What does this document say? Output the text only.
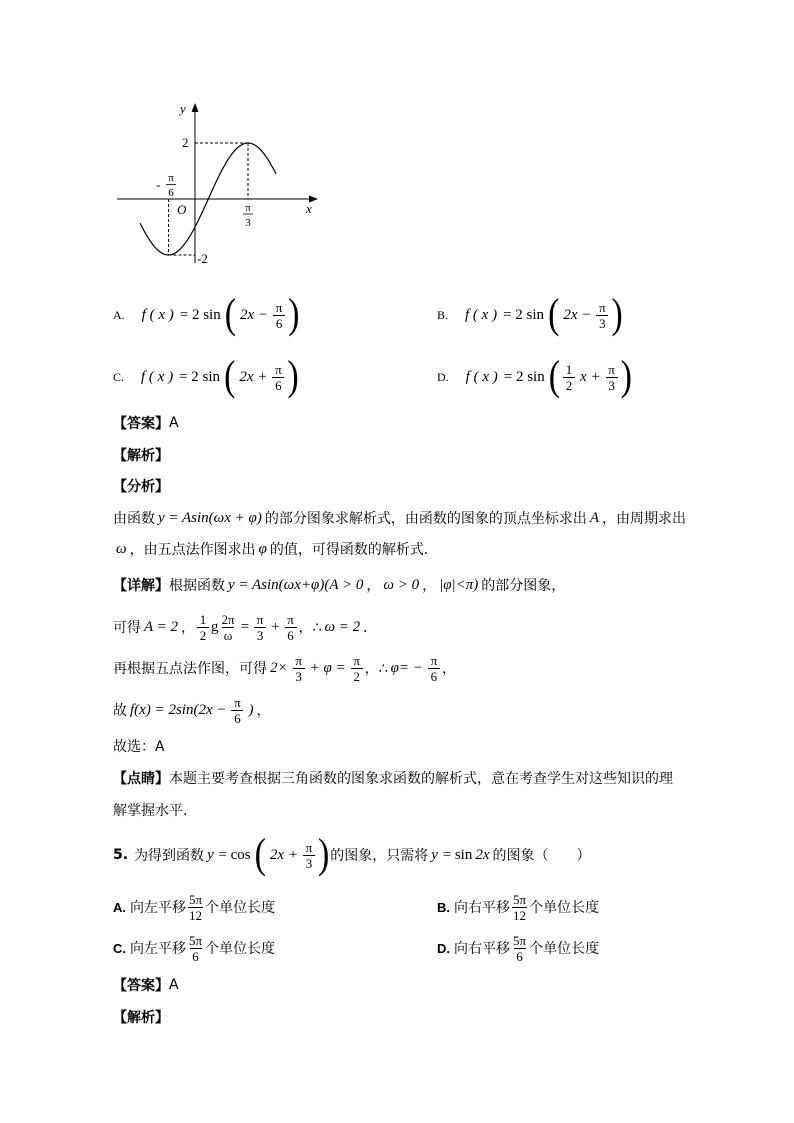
y
x
2
O
-2
- π
6
π
3
A. f ( x ) = 2 sin ( $2x - \frac{\pi}{6}$ )	B. f ( x ) = 2 sin ( $2x - \frac{\pi}{3}$ )
C. f ( x ) = 2 sin ( $2x + \frac{\pi}{6}$ )	D. f ( x ) = 2 sin ( $\frac{1}{2}$ $x + \frac{\pi}{3}$ )
【答案】 A
【解析】
【分析】
由函数 y = Asin(ωx + φ) 的部分图象求解析式，由函数的图象的顶点坐标求出 A ，由周期求出
ω ，由五点法作图求出 φ 的值，可得函数的解析式．
【详解】 根据函数 y = Asin(ωx+φ)(A > 0 ， ω > 0 ， |φ|<π) 的部分图象，
可得 A = 2 ， $\frac{1}{2}$ g $\frac{2\pi}{\omega} = \frac{\pi}{3} + \frac{\pi}{6}$ ，∴ ω = 2 ．
再根据五点法作图，可得 $2\times \frac{\pi}{3} + \varphi = \frac{\pi}{2}$ ，∴ $\varphi= - \frac{\pi}{6}$ ，
故 $f(x) = 2\sin(2x - \frac{\pi}{6}$ ) ，
故选：A
【点睛】 本题主要考查根据三角函数的图象求函数的解析式，意在考查学生对这些知识的理
解掌握水平.
5. 为得到函数 y = cos ( $2x + \frac{\pi}{3}$ ) 的图象，只需将 y = sin 2x 的图象（　　）
A. 向左平移 $\frac{5\pi}{12}$ 个单位长度	B. 向右平移 $\frac{5\pi}{12}$ 个单位长度
C. 向左平移 $\frac{5\pi}{6}$ 个单位长度	D. 向右平移 $\frac{5\pi}{6}$ 个单位长度
【答案】 A
【解析】
